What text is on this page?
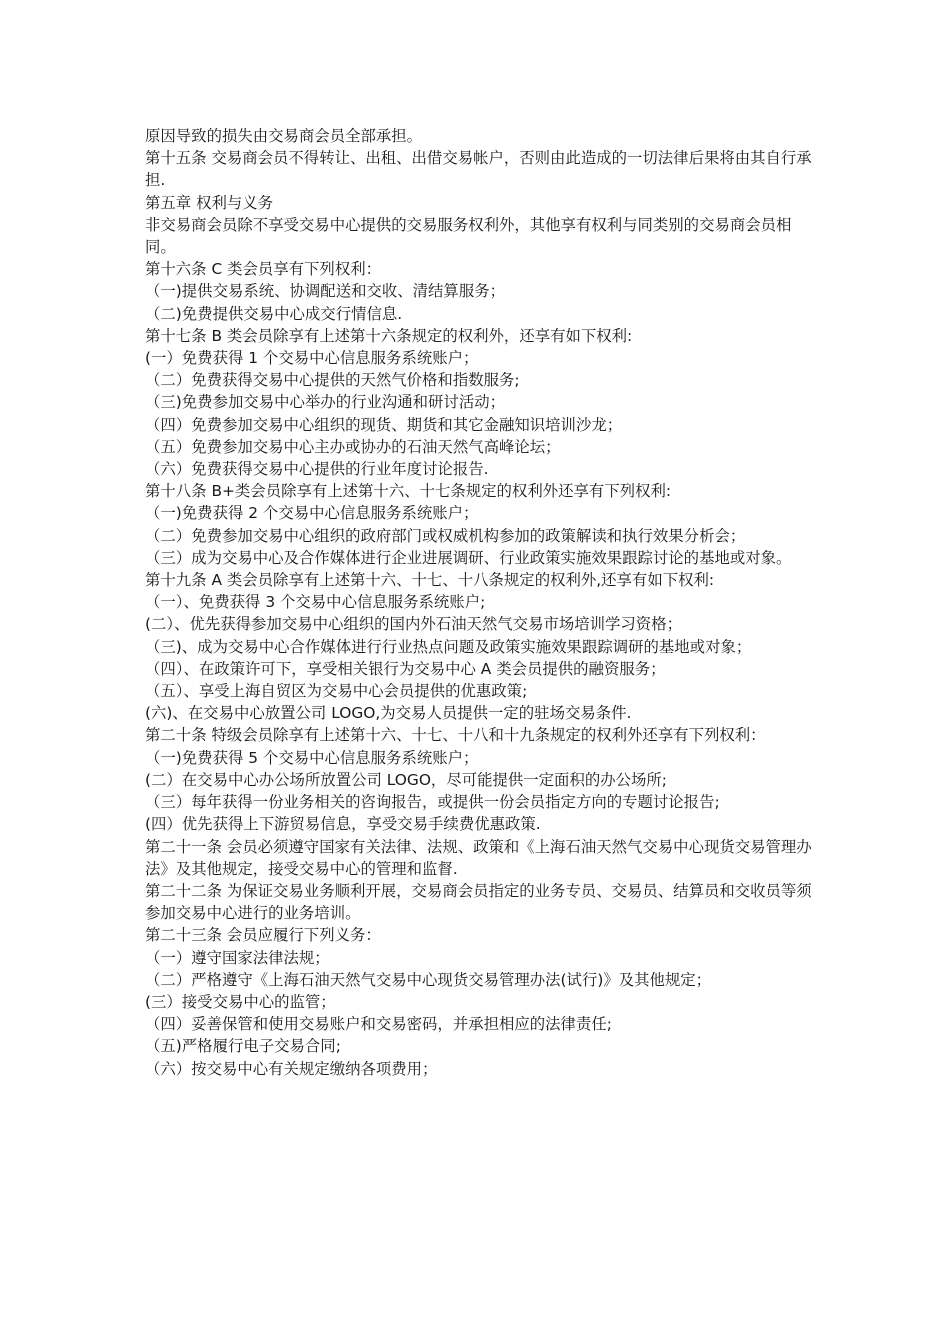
原因导致的损失由交易商会员全部承担。

第十五条 交易商会员不得转让、出租、出借交易帐户，否则由此造成的一切法律后果将由其自行承担.

第五章 权利与义务

非交易商会员除不享受交易中心提供的交易服务权利外，其他享有权利与同类别的交易商会员相同。

第十六条 C 类会员享有下列权利：

（一)提供交易系统、协调配送和交收、清结算服务；

（二)免费提供交易中心成交行情信息.

第十七条 B 类会员除享有上述第十六条规定的权利外，还享有如下权利:

(一）免费获得 1 个交易中心信息服务系统账户；

（二）免费获得交易中心提供的天然气价格和指数服务;

（三)免费参加交易中心举办的行业沟通和研讨活动；

（四）免费参加交易中心组织的现货、期货和其它金融知识培训沙龙；

（五）免费参加交易中心主办或协办的石油天然气高峰论坛；

（六）免费获得交易中心提供的行业年度讨论报告.

第十八条 B+类会员除享有上述第十六、十七条规定的权利外还享有下列权利:

（一)免费获得 2 个交易中心信息服务系统账户；

（二）免费参加交易中心组织的政府部门或权威机构参加的政策解读和执行效果分析会；

（三）成为交易中心及合作媒体进行企业进展调研、行业政策实施效果跟踪讨论的基地或对象。

第十九条 A 类会员除享有上述第十六、十七、十八条规定的权利外,还享有如下权利:

（一）、免费获得 3 个交易中心信息服务系统账户;

(二）、优先获得参加交易中心组织的国内外石油天然气交易市场培训学习资格；

（三)、成为交易中心合作媒体进行行业热点问题及政策实施效果跟踪调研的基地或对象；

（四）、在政策许可下，享受相关银行为交易中心 A 类会员提供的融资服务；

（五）、享受上海自贸区为交易中心会员提供的优惠政策;

(六)、在交易中心放置公司 LOGO,为交易人员提供一定的驻场交易条件.

第二十条 特级会员除享有上述第十六、十七、十八和十九条规定的权利外还享有下列权利：

（一)免费获得 5 个交易中心信息服务系统账户；

(二）在交易中心办公场所放置公司 LOGO，尽可能提供一定面积的办公场所;

（三）每年获得一份业务相关的咨询报告，或提供一份会员指定方向的专题讨论报告;

(四）优先获得上下游贸易信息，享受交易手续费优惠政策.

第二十一条 会员必须遵守国家有关法律、法规、政策和《上海石油天然气交易中心现货交易管理办法》及其他规定，接受交易中心的管理和监督.

第二十二条 为保证交易业务顺利开展，交易商会员指定的业务专员、交易员、结算员和交收员等须参加交易中心进行的业务培训。

第二十三条 会员应履行下列义务：

（一）遵守国家法律法规；

（二）严格遵守《上海石油天然气交易中心现货交易管理办法(试行)》及其他规定；

(三）接受交易中心的监管；

（四）妥善保管和使用交易账户和交易密码，并承担相应的法律责任;

（五)严格履行电子交易合同;

（六）按交易中心有关规定缴纳各项费用；
